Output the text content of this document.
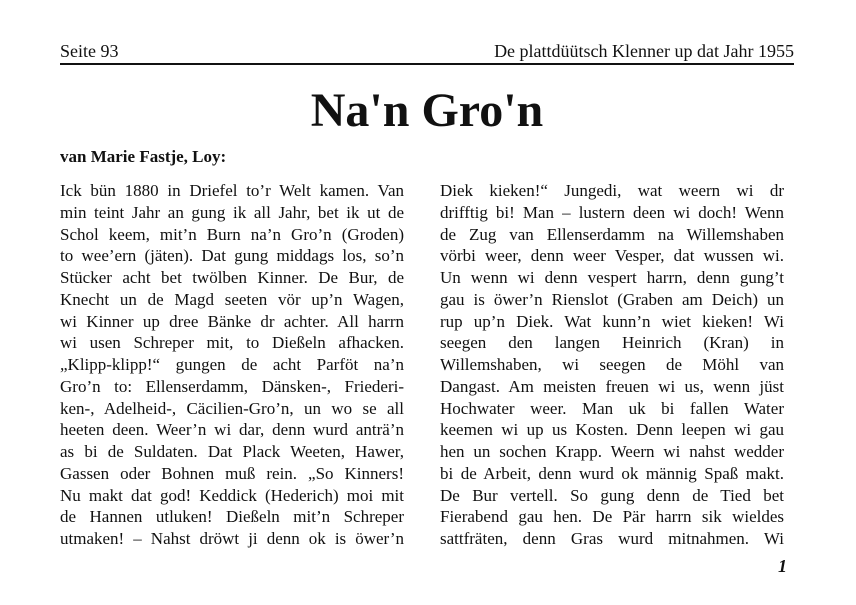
Seite 93	De plattdüütsch Klenner up dat Jahr 1955
Na'n Gro'n
van Marie Fastje, Loy:
Ick bün 1880 in Driefel to’r Welt kamen. Van
min teint Jahr an gung ik all Jahr, bet ik ut de
Schol keem, mit’n Burn na’n Gro’n (Groden)
to wee’ern (jäten). Dat gung middags los, so’n
Stücker acht bet twölben Kinner. De Bur, de
Knecht un de Magd seeten vör up’n Wagen,
wi Kinner up dree Bänke dr achter. All harrn
wi usen Schreper mit, to Dießeln afhacken.
„Klipp-klipp!“ gungen de acht Parföt na’n
Gro’n to: Ellenserdamm, Dänsken-, Friederi-
ken-, Adelheid-, Cäcilien-Gro’n, un wo se all
heeten deen. Weer’n wi dar, denn wurd anträ’n
as bi de Suldaten. Dat Plack Weeten, Hawer,
Gassen oder Bohnen muß rein. „So Kinners!
Nu makt dat god! Keddick (Hederich) moi mit
de Hannen utluken! Dießeln mit’n Schreper
utmaken! – Nahst dröwt ji denn ok is öwer’n
Diek kieken!“ Jungedi, wat weern wi dr
drifftig bi! Man – lustern deen wi doch! Wenn
de Zug van Ellenserdamm na Willemshaben
vörbi weer, denn weer Vesper, dat wussen wi.
Un wenn wi denn vespert harrn, denn gung’t
gau is öwer’n Rienslot (Graben am Deich) un
rup up’n Diek. Wat kunn’n wiet kieken! Wi
seegen den langen Heinrich (Kran) in
Willemshaben, wi seegen de Möhl van
Dangast. Am meisten freuen wi us, wenn jüst
Hochwater weer. Man uk bi fallen Water
keemen wi up us Kosten. Denn leepen wi gau
hen un sochen Krapp. Weern wi nahst wedder
bi de Arbeit, denn wurd ok männig Spaß makt.
De Bur vertell. So gung denn de Tied bet
Fierabend gau hen. De Pär harrn sik wieldes
sattfräten, denn Gras wurd mitnahmen. Wi
1
